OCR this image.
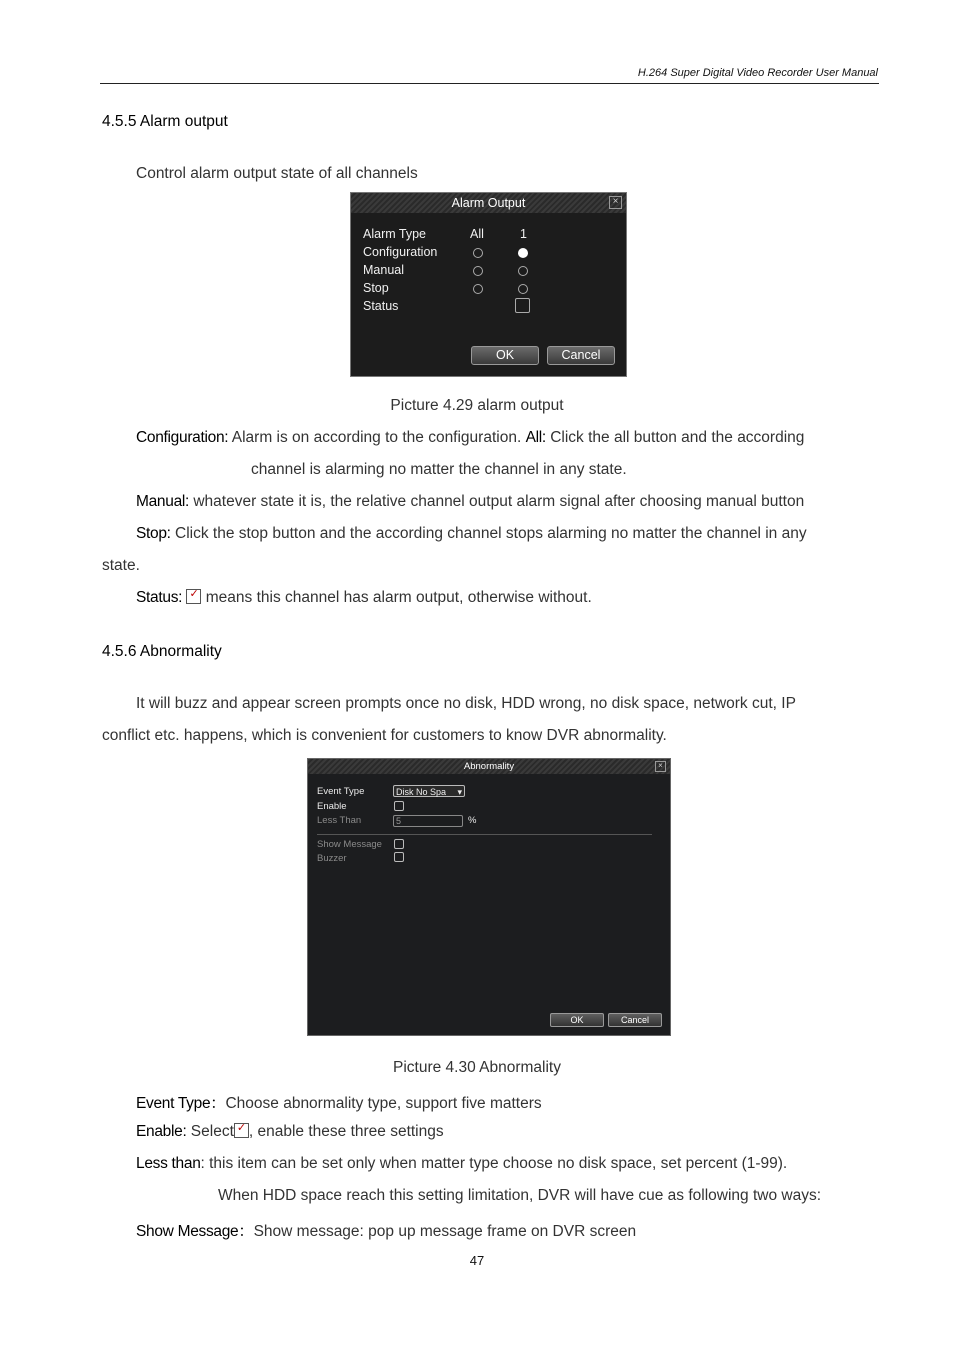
H.264 Super Digital Video Recorder User Manual
4.5.5 Alarm output
Control alarm output state of all channels
Alarm Output	×
Alarm Type	All	1
Configuration
Manual
Stop
Status
OK	Cancel
Picture 4.29 alarm output
Configuration: Alarm is on according to the configuration. All: Click the all button and the according
channel is alarming no matter the channel in any state.
Manual: whatever state it is, the relative channel output alarm signal after choosing manual button
Stop: Click the stop button and the according channel stops alarming no matter the channel in any
state.
Status: ✓ means this channel has alarm output, otherwise without.
4.5.6 Abnormality
It will buzz and appear screen prompts once no disk, HDD wrong, no disk space, network cut, IP
conflict etc. happens, which is convenient for customers to know DVR abnormality.
Abnormality	×
Event Type	Disk No Spa ▾
Enable
Less Than	5	%
Show Message
Buzzer
OK	Cancel
Picture 4.30 Abnormality
Event Type：Choose abnormality type, support five matters
Enable: Select✓ , enable these three settings
Less than: this item can be set only when matter type choose no disk space, set percent (1-99).
When HDD space reach this setting limitation, DVR will have cue as following two ways:
Show Message：Show message: pop up message frame on DVR screen
47
